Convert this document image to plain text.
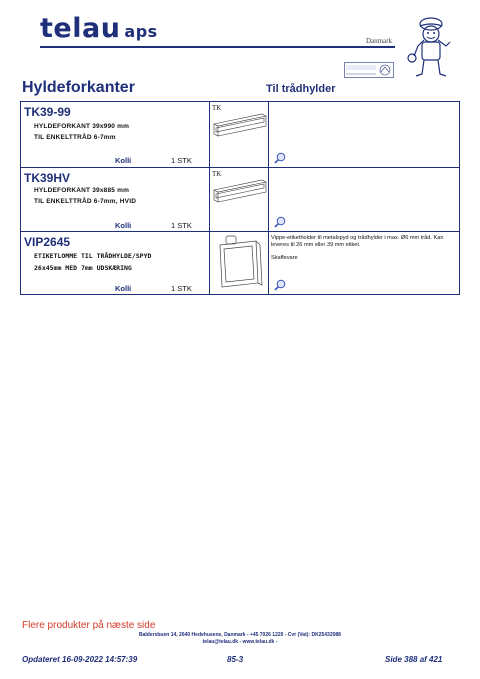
telau aps	Danmark
Hyldeforkanter	Til trådhylder
TK39-99
HYLDEFORKANT 39x990 mm
TIL ENKELTTRÅD 6-7mm
Kolli	1 STK
TK
TK39HV
HYLDEFORKANT 39x885 mm
TIL ENKELTTRÅD 6-7mm, HVID
Kolli	1 STK
TK
VIP2645
ETIKETLOMME TIL TRÅDHYLDE/SPYD
26x45mm MED 7mm UDSKÆRING
Kolli	1 STK
Vippe-etiketholder til metalspyd og trådhylder i max. Ø6 mm tråd. Kan leveres til 26 mm eller 39 mm etiket.
Skaffevare
Flere produkter på næste side
Baldersbuen 14, 2640 Hedehusene, Danmark - +45 7026 1220 - Cvr (Vat): DK25432088
telau@telau.dk - www.telau.dk -
Opdateret 16-09-2022 14:57:39	85-3	Side 388 af 421
